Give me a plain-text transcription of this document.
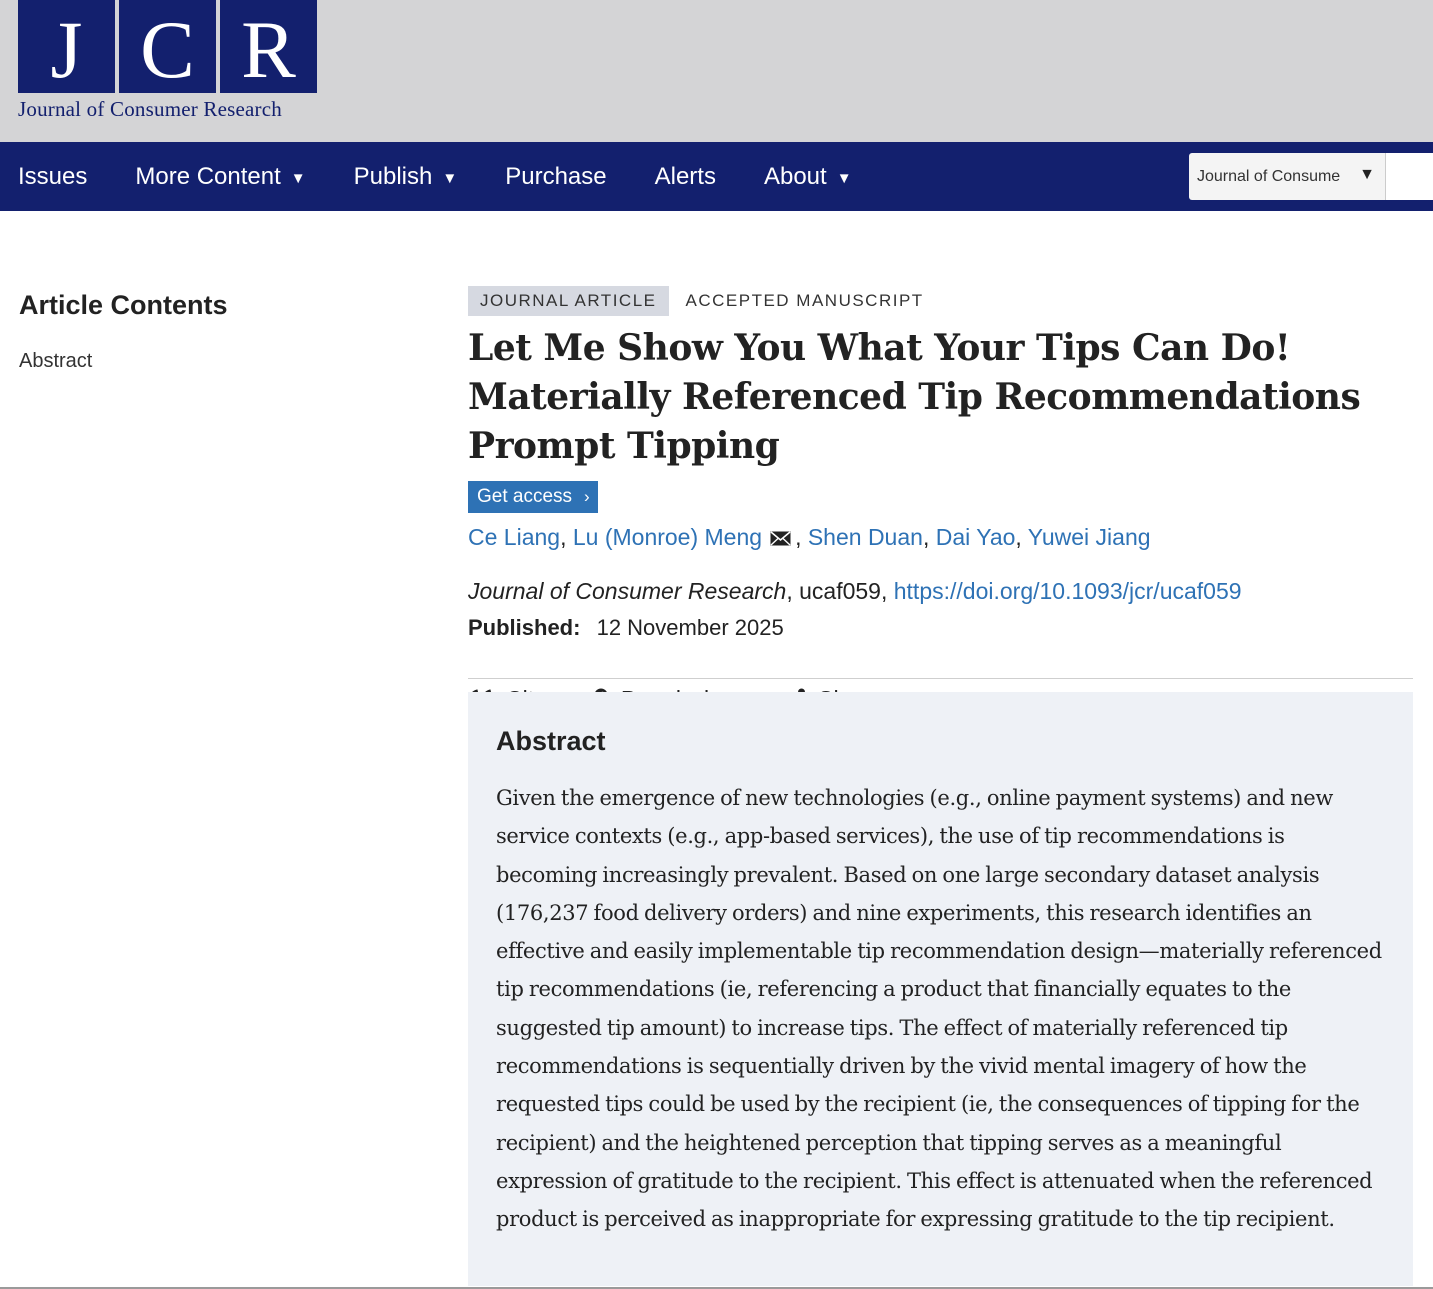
J C R
Journal of Consumer Research
Issues More Content ▼ Publish ▼ Purchase Alerts About ▼	Journal of Consume	▼
Article Contents
Abstract
JOURNAL ARTICLE	ACCEPTED MANUSCRIPT
Let Me Show You What Your Tips Can Do! Materially Referenced Tip Recommendations Prompt Tipping
Get access ›
Ce Liang, Lu (Monroe) Meng , Shen Duan, Dai Yao, Yuwei Jiang
Journal of Consumer Research, ucaf059, https://doi.org/10.1093/jcr/ucaf059
Published: 12 November 2025
Abstract

Given the emergence of new technologies (e.g., online payment systems) and new service contexts (e.g., app-based services), the use of tip recommendations is becoming increasingly prevalent. Based on one large secondary dataset analysis (176,237 food delivery orders) and nine experiments, this research identifies an effective and easily implementable tip recommendation design—materially referenced tip recommendations (ie, referencing a product that financially equates to the suggested tip amount) to increase tips. The effect of materially referenced tip recommendations is sequentially driven by the vivid mental imagery of how the requested tips could be used by the recipient (ie, the consequences of tipping for the recipient) and the heightened perception that tipping serves as a meaningful expression of gratitude to the recipient. This effect is attenuated when the referenced product is perceived as inappropriate for expressing gratitude to the tip recipient.
